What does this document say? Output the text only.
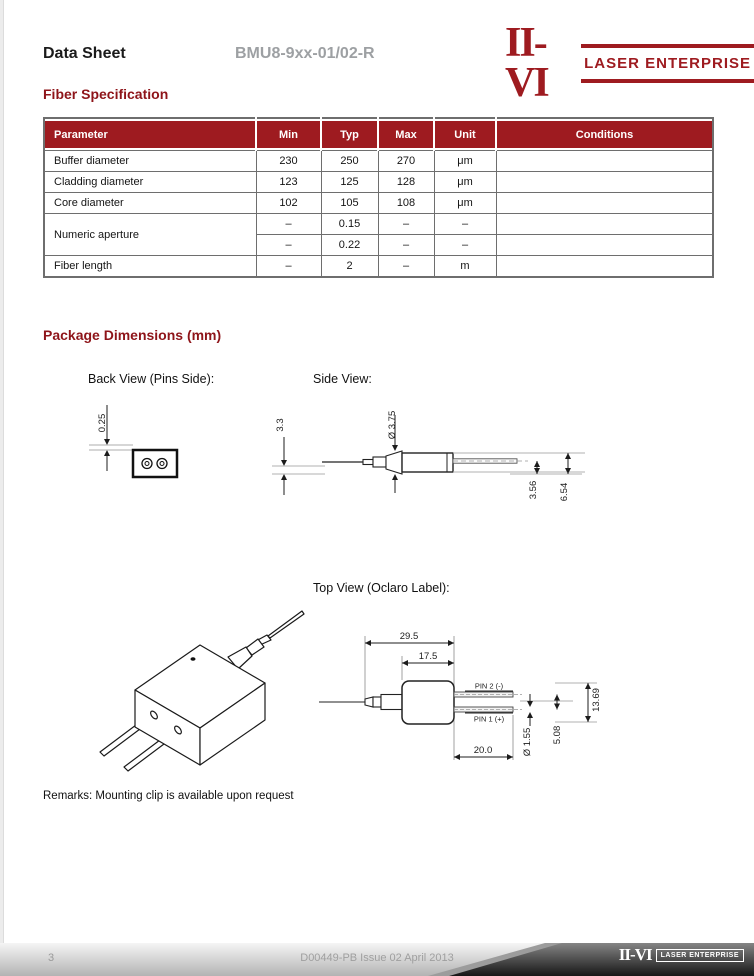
Data Sheet	BMU8-9xx-01/02-R	II-VI	LASER ENTERPRISE
Fiber Specification
Parameter	Min	Typ	Max	Unit	Conditions
Buffer diameter	230	250	270	μm	
Cladding diameter	123	125	128	μm	
Core diameter	102	105	108	μm	
Numeric aperture	–	0.15	–	–	
	–	0.22	–	–	
Fiber length	–	2	–	m	
Package Dimensions (mm)
Back View (Pins Side):	Side View:
Top View (Oclaro Label):
0.25	3.3	Ø 3.75
3.56 6.54
29.5
17.5
PIN 2 (-)
PIN 1 (+)
Ø 1.55 5.08
13.69
20.0
Remarks: Mounting clip is available upon request
3	D00449-PB Issue 02 April 2013	II-VI	LASER ENTERPRISE
